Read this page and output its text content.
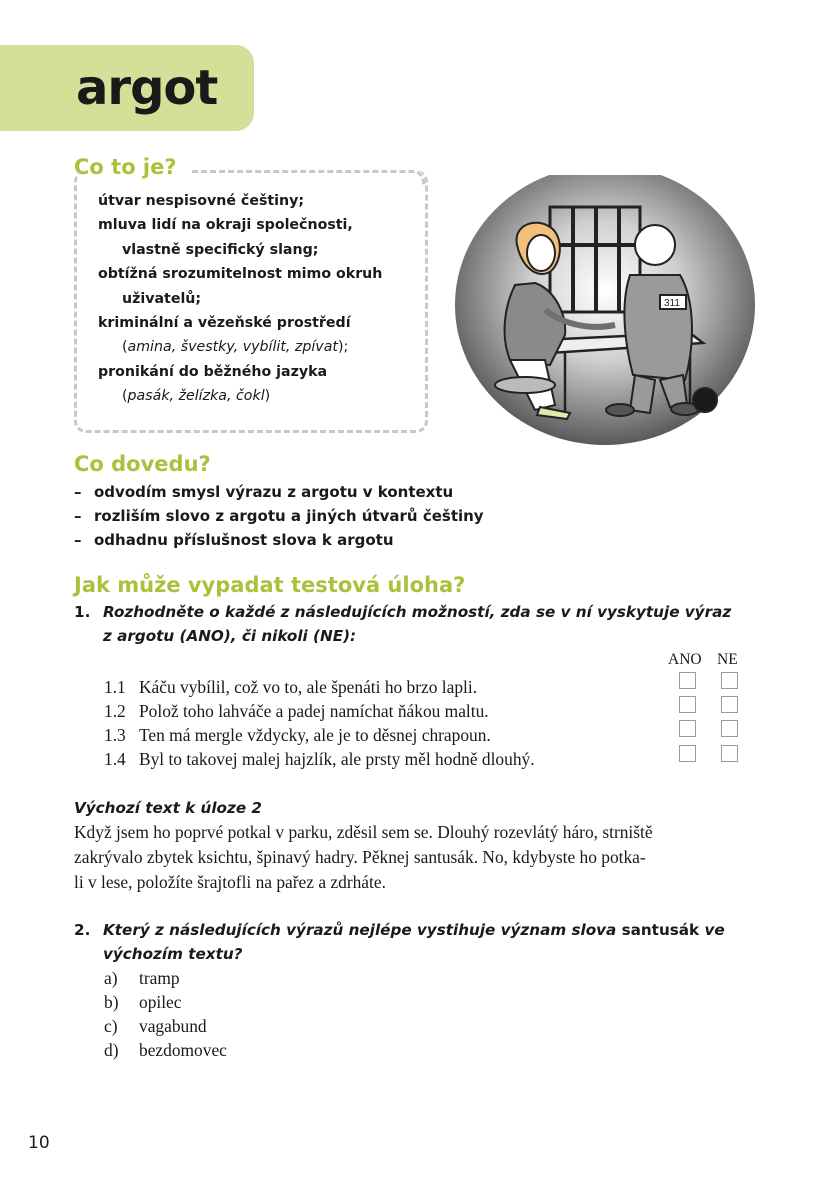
argot
Co to je?
útvar nespisovné češtiny;
mluva lidí na okraji společnosti,
vlastně specifický slang;
obtížná srozumitelnost mimo okruh
uživatelů;
kriminální a vězeňské prostředí
(amina, švestky, vybílit, zpívat);
pronikání do běžného jazyka
(pasák, želízka, čokl)
311
Co dovedu?
– odvodím smysl výrazu z argotu v kontextu
– rozliším slovo z argotu a jiných útvarů češtiny
– odhadnu příslušnost slova k argotu
Jak může vypadat testová úloha?
1. Rozhodněte o každé z následujících možností, zda se v ní vyskytuje výraz
z argotu (ANO), či nikoli (NE):
ANO NE
1.1 Káču vybílil, což vo to, ale špenáti ho brzo lapli.
1.2 Polož toho lahváče a padej namíchat ňákou maltu.
1.3 Ten má mergle vždycky, ale je to děsnej chrapoun.
1.4 Byl to takovej malej hajzlík, ale prsty měl hodně dlouhý.
Výchozí text k úloze 2
Když jsem ho poprvé potkal v parku, zděsil sem se. Dlouhý rozevlátý háro, strniště
zakrývalo zbytek ksichtu, špinavý hadry. Pěknej santusák. No, kdybyste ho potka-
li v lese, položíte šrajtofli na pařez a zdrháte.
2. Který z následujících výrazů nejlépe vystihuje význam slova santusák ve
výchozím textu?
a) tramp
b) opilec
c) vagabund
d) bezdomovec
10
